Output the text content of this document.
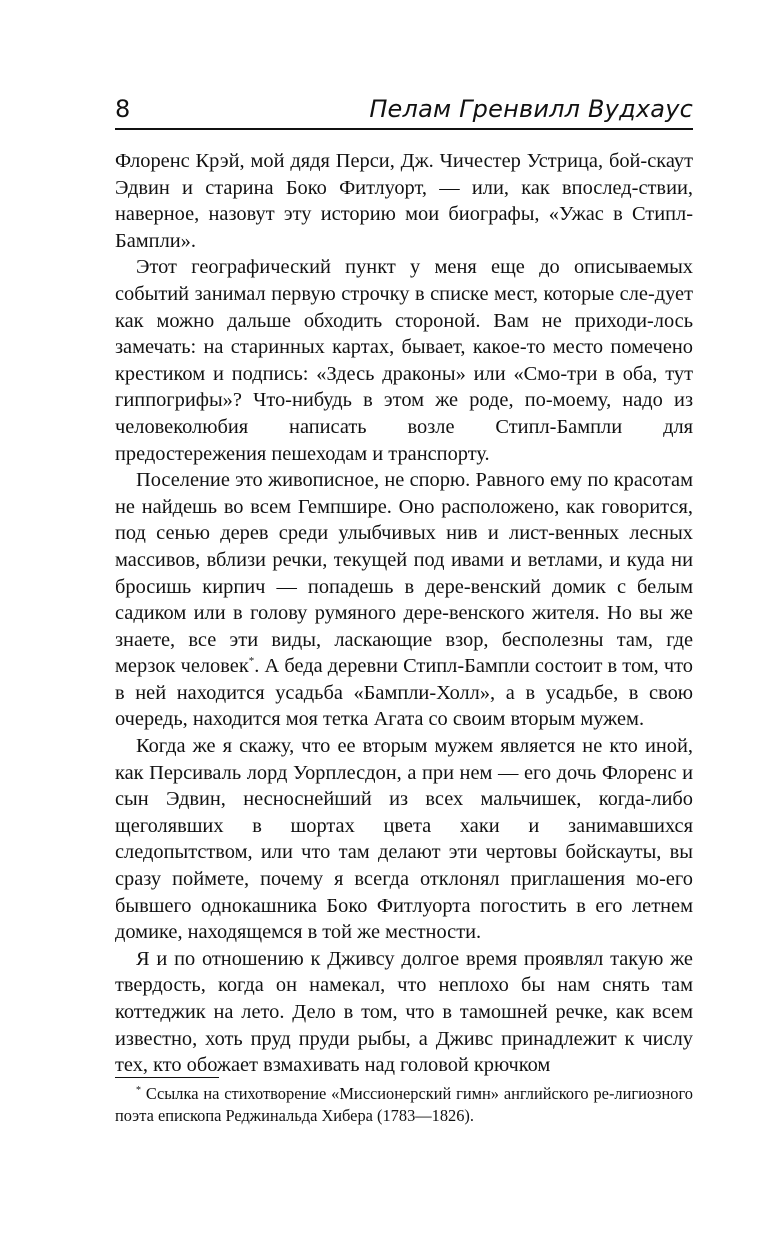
8	Пелам Гренвилл Вудхаус

Флоренс Крэй, мой дядя Перси, Дж. Чичестер Устрица, бой-скаут Эдвин и старина Боко Фитлуорт, — или, как впослед-ствии, наверное, назовут эту историю мои биографы, «Ужас в Стипл-Бампли».

Этот географический пункт у меня еще до описываемых событий занимал первую строчку в списке мест, которые сле-дует как можно дальше обходить стороной. Вам не приходи-лось замечать: на старинных картах, бывает, какое-то место помечено крестиком и подпись: «Здесь драконы» или «Смо-три в оба, тут гиппогрифы»? Что-нибудь в этом же роде, по-моему, надо из человеколюбия написать возле Стипл-Бампли для предостережения пешеходам и транспорту.

Поселение это живописное, не спорю. Равного ему по красотам не найдешь во всем Гемпшире. Оно расположено, как говорится, под сенью дерев среди улыбчивых нив и лист-венных лесных массивов, вблизи речки, текущей под ивами и ветлами, и куда ни бросишь кирпич — попадешь в дере-венский домик с белым садиком или в голову румяного дере-венского жителя. Но вы же знаете, все эти виды, ласкающие взор, бесполезны там, где мерзок человек*. А беда деревни Стипл-Бампли состоит в том, что в ней находится усадьба «Бампли-Холл», а в усадьбе, в свою очередь, находится моя тетка Агата со своим вторым мужем.

Когда же я скажу, что ее вторым мужем является не кто иной, как Персиваль лорд Уорплесдон, а при нем — его дочь Флоренс и сын Эдвин, несноснейший из всех мальчишек, когда-либо щеголявших в шортах цвета хаки и занимавшихся следопытством, или что там делают эти чертовы бойскауты, вы сразу поймете, почему я всегда отклонял приглашения мо-его бывшего однокашника Боко Фитлуорта погостить в его летнем домике, находящемся в той же местности.

Я и по отношению к Дживсу долгое время проявлял такую же твердость, когда он намекал, что неплохо бы нам снять там коттеджик на лето. Дело в том, что в тамошней речке, как всем известно, хоть пруд пруди рыбы, а Дживс принадлежит к числу тех, кто обожает взмахивать над головой крючком

* Ссылка на стихотворение «Миссионерский гимн» английского ре-лигиозного поэта епископа Реджинальда Хибера (1783—1826).
